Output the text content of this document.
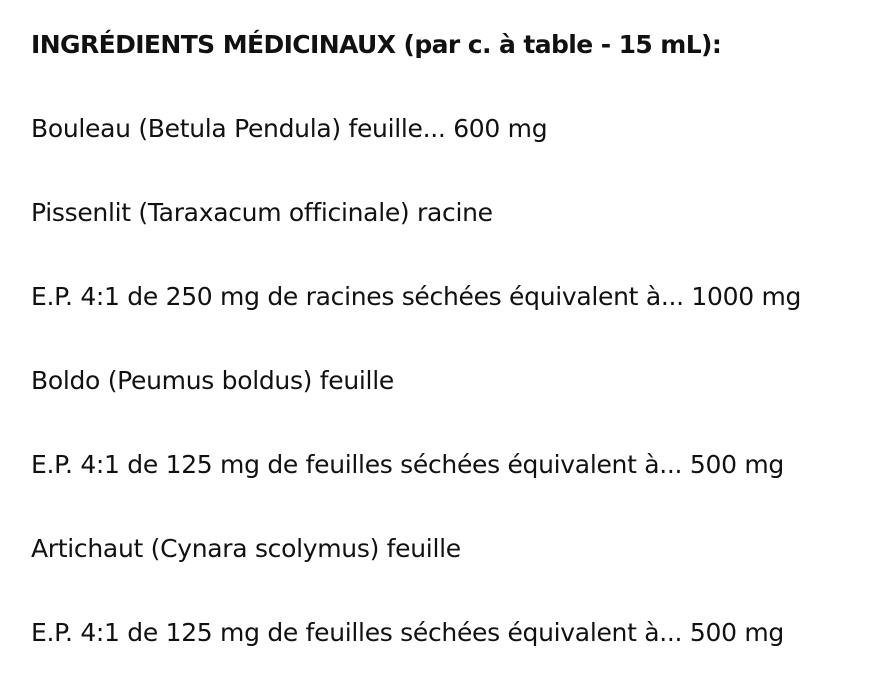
INGRÉDIENTS MÉDICINAUX (par c. à table - 15 mL):
Bouleau (Betula Pendula) feuille... 600 mg
Pissenlit (Taraxacum officinale) racine
E.P. 4:1 de 250 mg de racines séchées équivalent à... 1000 mg
Boldo (Peumus boldus) feuille
E.P. 4:1 de 125 mg de feuilles séchées équivalent à... 500 mg
Artichaut (Cynara scolymus) feuille
E.P. 4:1 de 125 mg de feuilles séchées équivalent à... 500 mg
